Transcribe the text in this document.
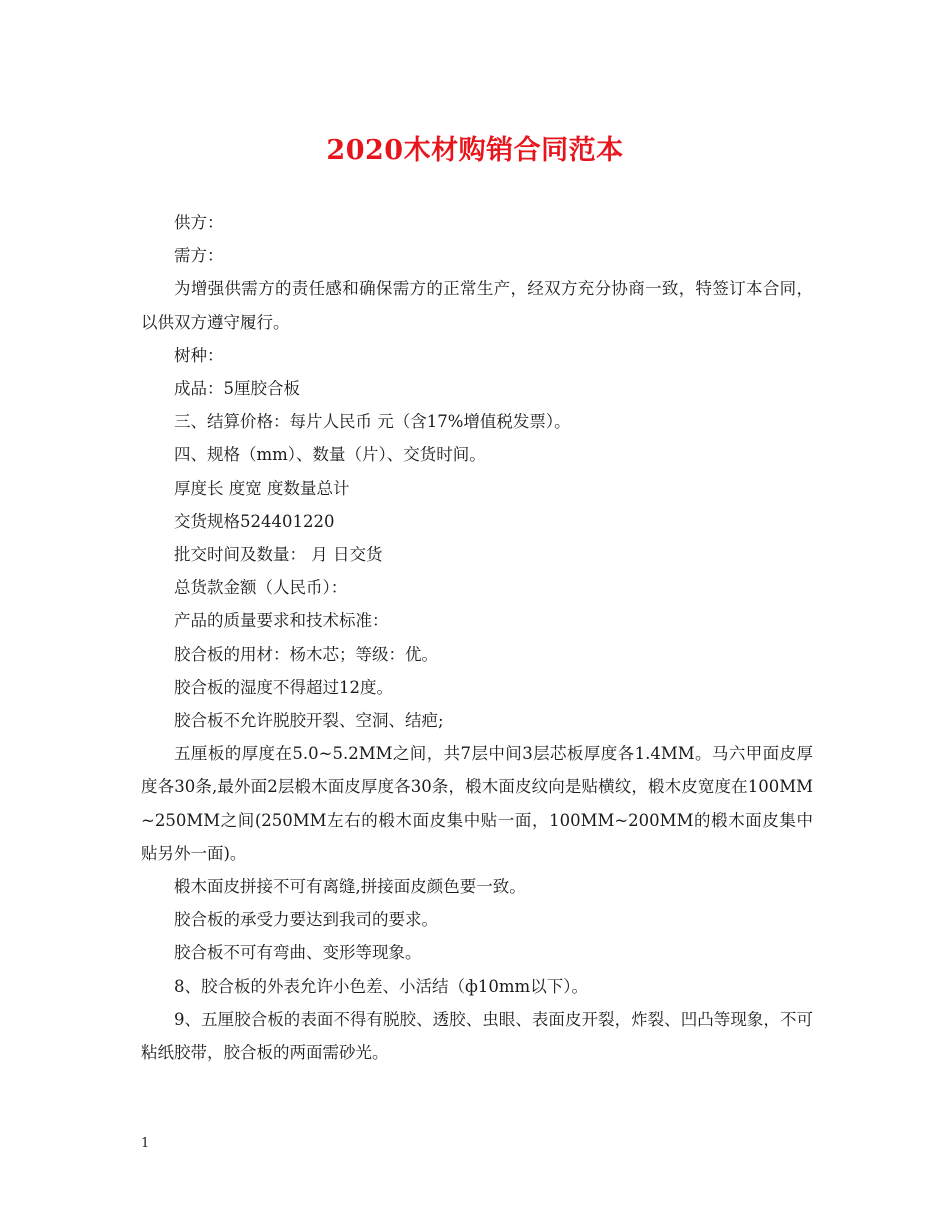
2020木材购销合同范本

供方：

需方：

为增强供需方的责任感和确保需方的正常生产，经双方充分协商一致，特签订本合同，以供双方遵守履行。

树种：

成品：5厘胶合板

三、结算价格：每片人民币 元（含17%增值税发票）。

四、规格（mm）、数量（片）、交货时间。

厚度长 度宽 度数量总计

交货规格524401220

批交时间及数量： 月 日交货

总货款金额（人民币）：

产品的质量要求和技术标准：

胶合板的用材：杨木芯；等级：优。

胶合板的湿度不得超过12度。

胶合板不允许脱胶开裂、空洞、结疤;

五厘板的厚度在5.0~5.2MM之间，共7层中间3层芯板厚度各1.4MM。马六甲面皮厚度各30条,最外面2层椴木面皮厚度各30条，椴木面皮纹向是贴横纹，椴木皮宽度在100MM~250MM之间(250MM左右的椴木面皮集中贴一面，100MM~200MM的椴木面皮集中贴另外一面)。

椴木面皮拼接不可有离缝,拼接面皮颜色要一致。

胶合板的承受力要达到我司的要求。

胶合板不可有弯曲、变形等现象。

8、胶合板的外表允许小色差、小活结（ф10mm以下）。

9、五厘胶合板的表面不得有脱胶、透胶、虫眼、表面皮开裂，炸裂、凹凸等现象，不可粘纸胶带，胶合板的两面需砂光。

1
